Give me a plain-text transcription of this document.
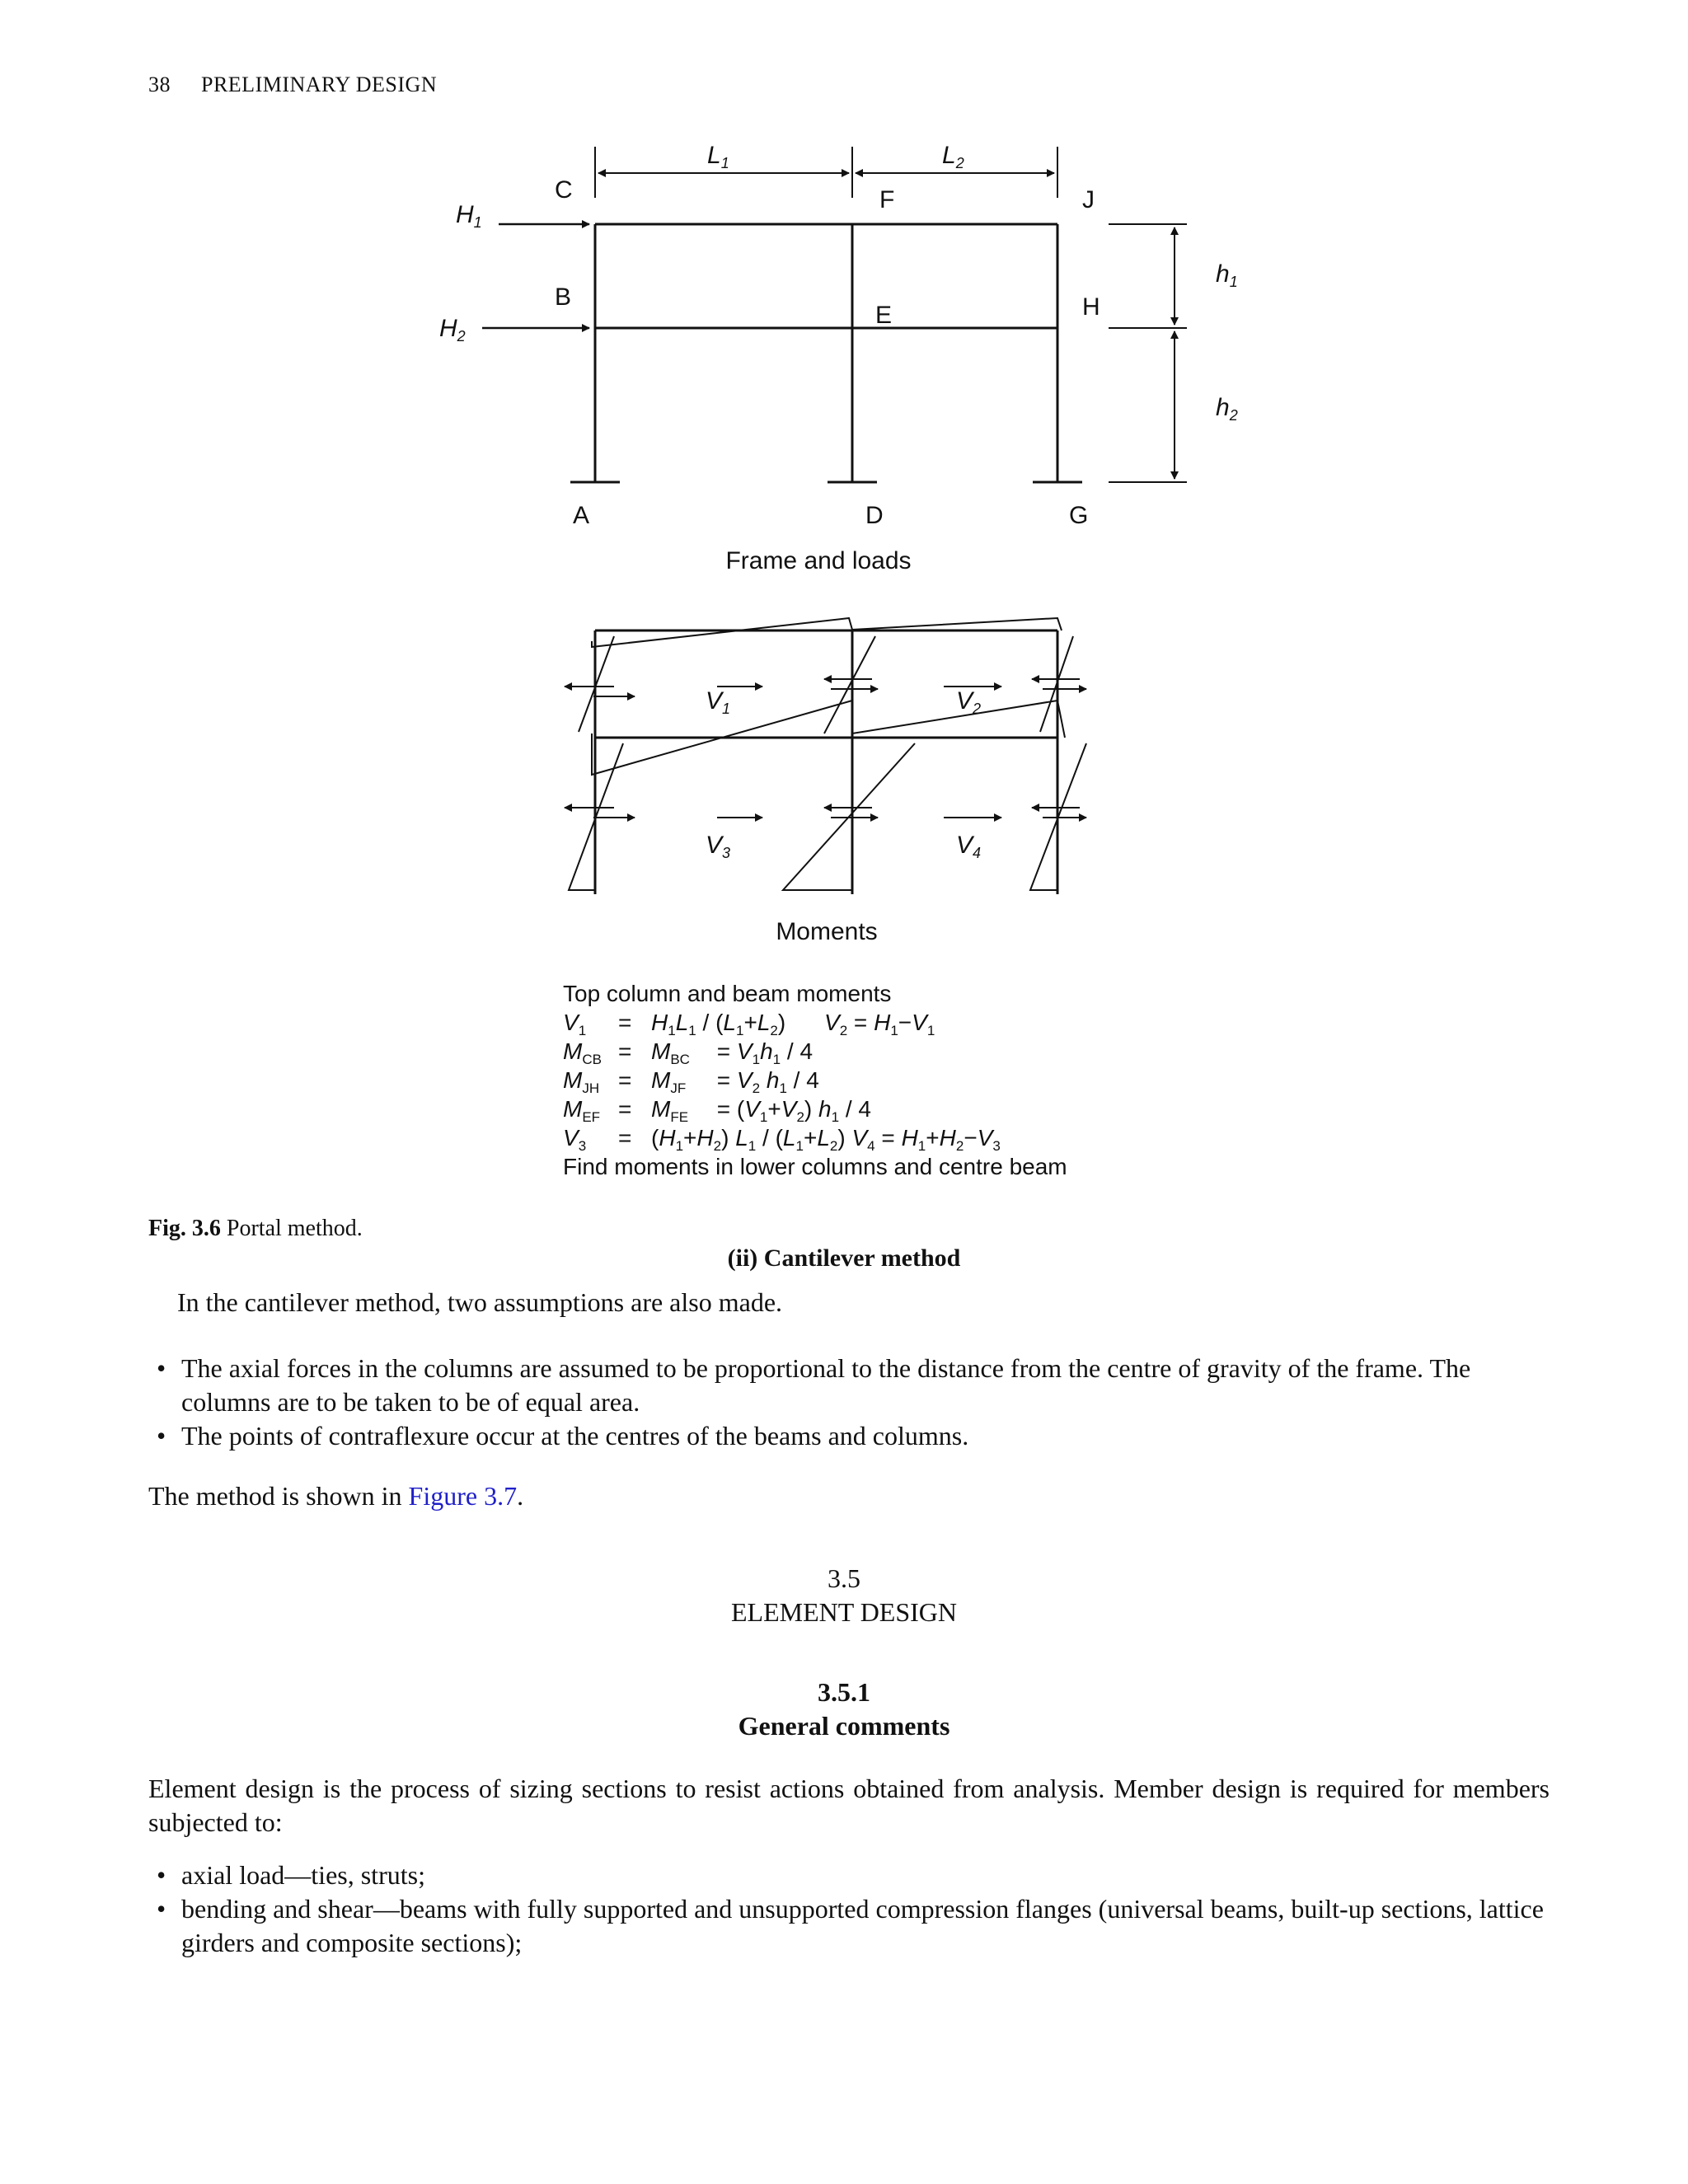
38 PRELIMINARY DESIGN
$L_1$	$L_2$
$h_1$
$h_2$
$H_1$
$H_2$
C
B
A
F
E
D
J
H
G
Frame and loads
$V_1$	$V_2$
$V_3$	$V_4$
Moments
Top column and beam moments
$V_1 = H_1L_1 / (L_1+L_2) V_2 = H_1-V_1$
$M_{CB} = M_{BC} = V_1h_1 / 4$
$M_{JH} = M_{JF} = V_2$ $h_1 / 4$
$M_{EF} = M_{FE} = (V_1+V_2)$ $h_1 / 4$
$V_3 = (H_1+H_2)$ $L_1 / (L_1+L_2) V_4 = H_1+H_2-V_3$
Find moments in lower columns and centre beam
Fig. 3.6 Portal method.
(ii) Cantilever method
In the cantilever method, two assumptions are also made.
• The axial forces in the columns are assumed to be proportional to the distance from the centre of gravity of the frame. The columns are to be taken to be of equal area.
• The points of contraflexure occur at the centres of the beams and columns.
The method is shown in Figure 3.7.
3.5
ELEMENT DESIGN
3.5.1
General comments
Element design is the process of sizing sections to resist actions obtained from analysis. Member design is required for members subjected to:
• axial load—ties, struts;
• bending and shear—beams with fully supported and unsupported compression flanges (universal beams, built-up sections, lattice girders and composite sections);
